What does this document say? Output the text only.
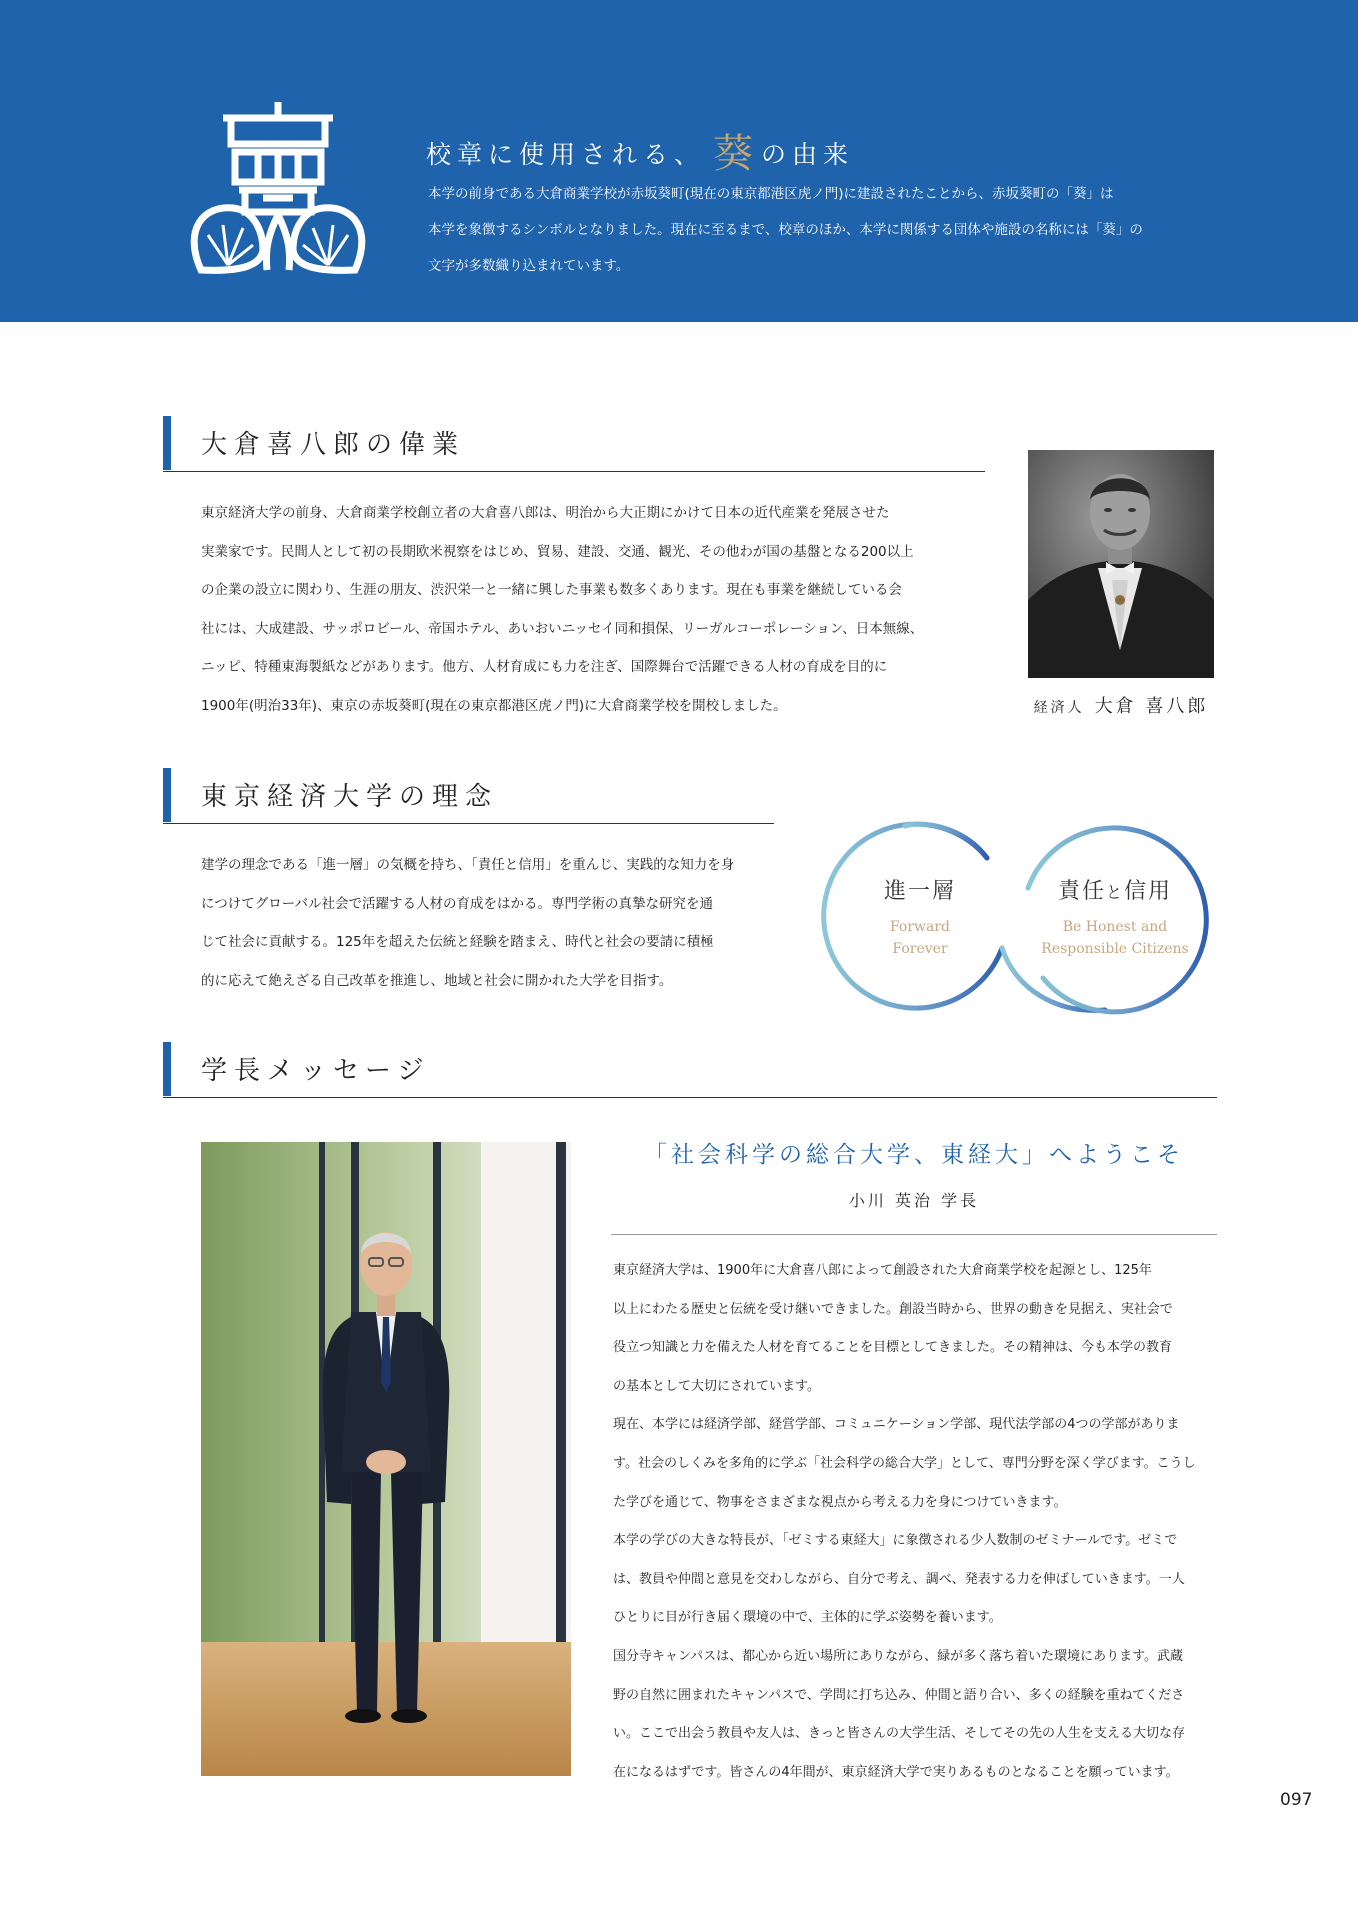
校章に使用される、 葵 の由来

本学の前身である大倉商業学校が赤坂葵町(現在の東京都港区虎ノ門)に建設されたことから、赤坂葵町の「葵」は

本学を象徴するシンボルとなりました。現在に至るまで、校章のほか、本学に関係する団体や施設の名称には「葵」の

文字が多数織り込まれています。

大倉喜八郎の偉業

東京経済大学の前身、大倉商業学校創立者の大倉喜八郎は、明治から大正期にかけて日本の近代産業を発展させた

実業家です。民間人として初の長期欧米視察をはじめ、貿易、建設、交通、観光、その他わが国の基盤となる200以上

の企業の設立に関わり、生涯の朋友、渋沢栄一と一緒に興した事業も数多くあります。現在も事業を継続している会

社には、大成建設、サッポロビール、帝国ホテル、あいおいニッセイ同和損保、リーガルコーポレーション、日本無線、

ニッピ、特種東海製紙などがあります。他方、人材育成にも力を注ぎ、国際舞台で活躍できる人材の育成を目的に

1900年(明治33年)、東京の赤坂葵町(現在の東京都港区虎ノ門)に大倉商業学校を開校しました。	経済人 大倉 喜八郎
東京経済大学の理念

建学の理念である「進一層」の気概を持ち、「責任と信用」を重んじ、実践的な知力を身

につけてグローバル社会で活躍する人材の育成をはかる。専門学術の真摯な研究を通

じて社会に貢献する。125年を超えた伝統と経験を踏まえ、時代と社会の要請に積極

的に応えて絶えざる自己改革を推進し、地域と社会に開かれた大学を目指す。

進一層
Forward
Forever
責任と信用
Be Honest and
Responsible Citizens
学長メッセージ
「社会科学の総合大学、東経大」へようこそ
小川 英治 学長

東京経済大学は、1900年に大倉喜八郎によって創設された大倉商業学校を起源とし、125年

以上にわたる歴史と伝統を受け継いできました。創設当時から、世界の動きを見据え、実社会で

役立つ知識と力を備えた人材を育てることを目標としてきました。その精神は、今も本学の教育

の基本として大切にされています。

現在、本学には経済学部、経営学部、コミュニケーション学部、現代法学部の4つの学部がありま

す。社会のしくみを多角的に学ぶ「社会科学の総合大学」として、専門分野を深く学びます。こうし

た学びを通じて、物事をさまざまな視点から考える力を身につけていきます。

本学の学びの大きな特長が、「ゼミする東経大」に象徴される少人数制のゼミナールです。ゼミで

は、教員や仲間と意見を交わしながら、自分で考え、調べ、発表する力を伸ばしていきます。一人

ひとりに目が行き届く環境の中で、主体的に学ぶ姿勢を養います。

国分寺キャンパスは、都心から近い場所にありながら、緑が多く落ち着いた環境にあります。武蔵

野の自然に囲まれたキャンパスで、学問に打ち込み、仲間と語り合い、多くの経験を重ねてくださ

い。ここで出会う教員や友人は、きっと皆さんの大学生活、そしてその先の人生を支える大切な存

在になるはずです。皆さんの4年間が、東京経済大学で実りあるものとなることを願っています。

097
